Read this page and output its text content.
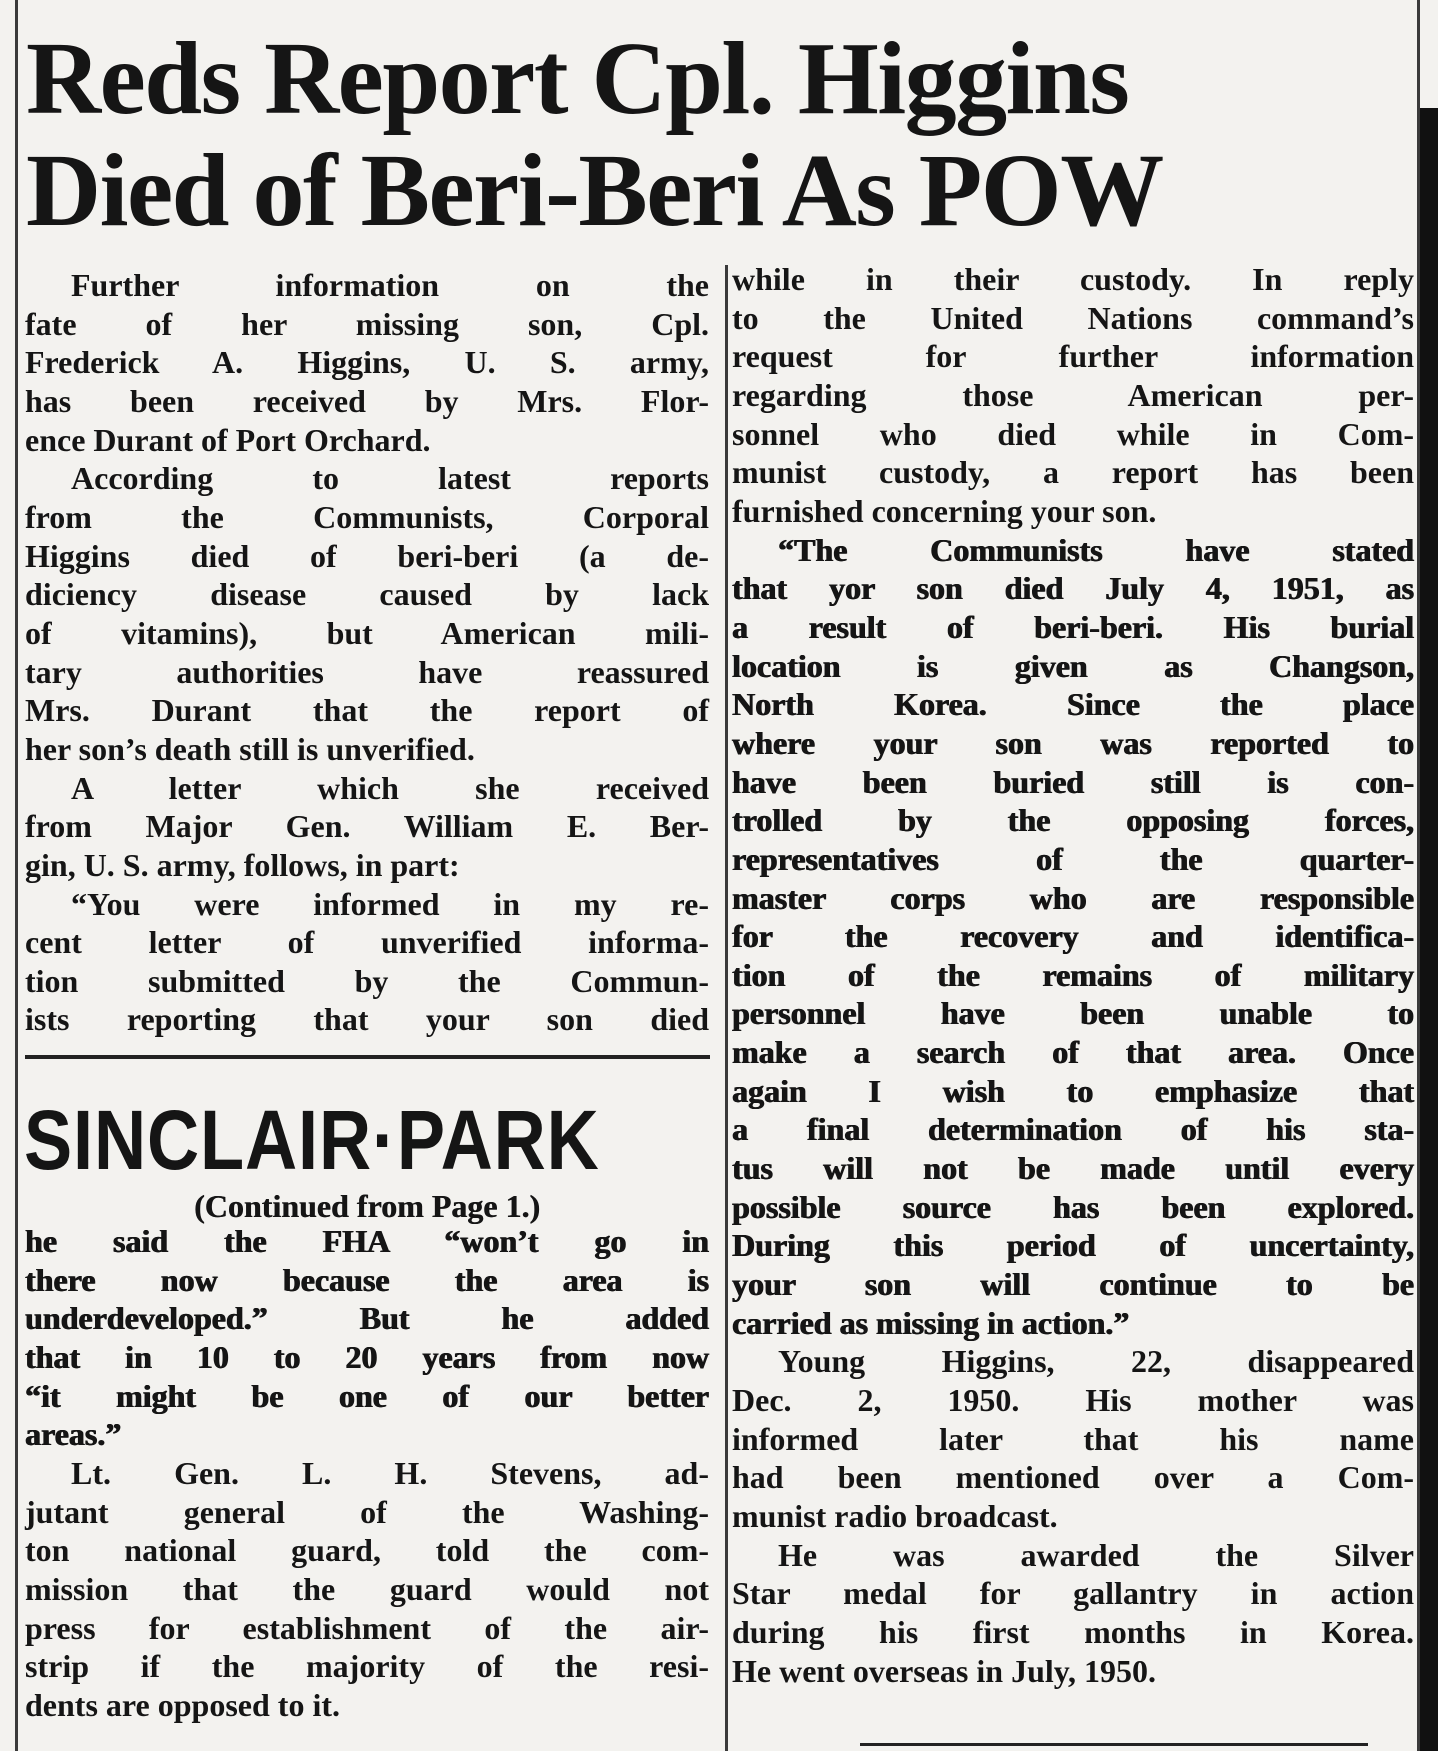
Reds Report Cpl. Higgins
Died of Beri-Beri As POW
Further information on the
fate of her missing son, Cpl.
Frederick A. Higgins, U. S. army,
has been received by Mrs. Flor-
ence Durant of Port Orchard.
According to latest reports
from the Communists, Corporal
Higgins died of beri-beri (a de-
diciency disease caused by lack
of vitamins), but American mili-
tary authorities have reassured
Mrs. Durant that the report of
her son’s death still is unverified.
A letter which she received
from Major Gen. William E. Ber-
gin, U. S. army, follows, in part:
“You were informed in my re-
cent letter of unverified informa-
tion submitted by the Commun-
ists reporting that your son died
while in their custody. In reply
to the United Nations command’s
request for further information
regarding those American per-
sonnel who died while in Com-
munist custody, a report has been
furnished concerning your son.
“The Communists have stated
that yor son died July 4, 1951, as
a result of beri-beri. His burial
location is given as Changson,
North Korea. Since the place
where your son was reported to
have been buried still is con-
trolled by the opposing forces,
representatives of the quarter-
master corps who are responsible
for the recovery and identifica-
tion of the remains of military
personnel have been unable to
make a search of that area. Once
again I wish to emphasize that
a final determination of his sta-
tus will not be made until every
possible source has been explored.
During this period of uncertainty,
your son will continue to be
carried as missing in action.”
Young Higgins, 22, disappeared
Dec. 2, 1950. His mother was
informed later that his name
had been mentioned over a Com-
munist radio broadcast.
He was awarded the Silver
Star medal for gallantry in action
during his first months in Korea.
He went overseas in July, 1950.
SINCLAIR·PARK
(Continued from Page 1.)
he said the FHA “won’t go in
there now because the area is
underdeveloped.” But he added
that in 10 to 20 years from now
“it might be one of our better
areas.”
Lt. Gen. L. H. Stevens, ad-
jutant general of the Washing-
ton national guard, told the com-
mission that the guard would not
press for establishment of the air-
strip if the majority of the resi-
dents are opposed to it.
